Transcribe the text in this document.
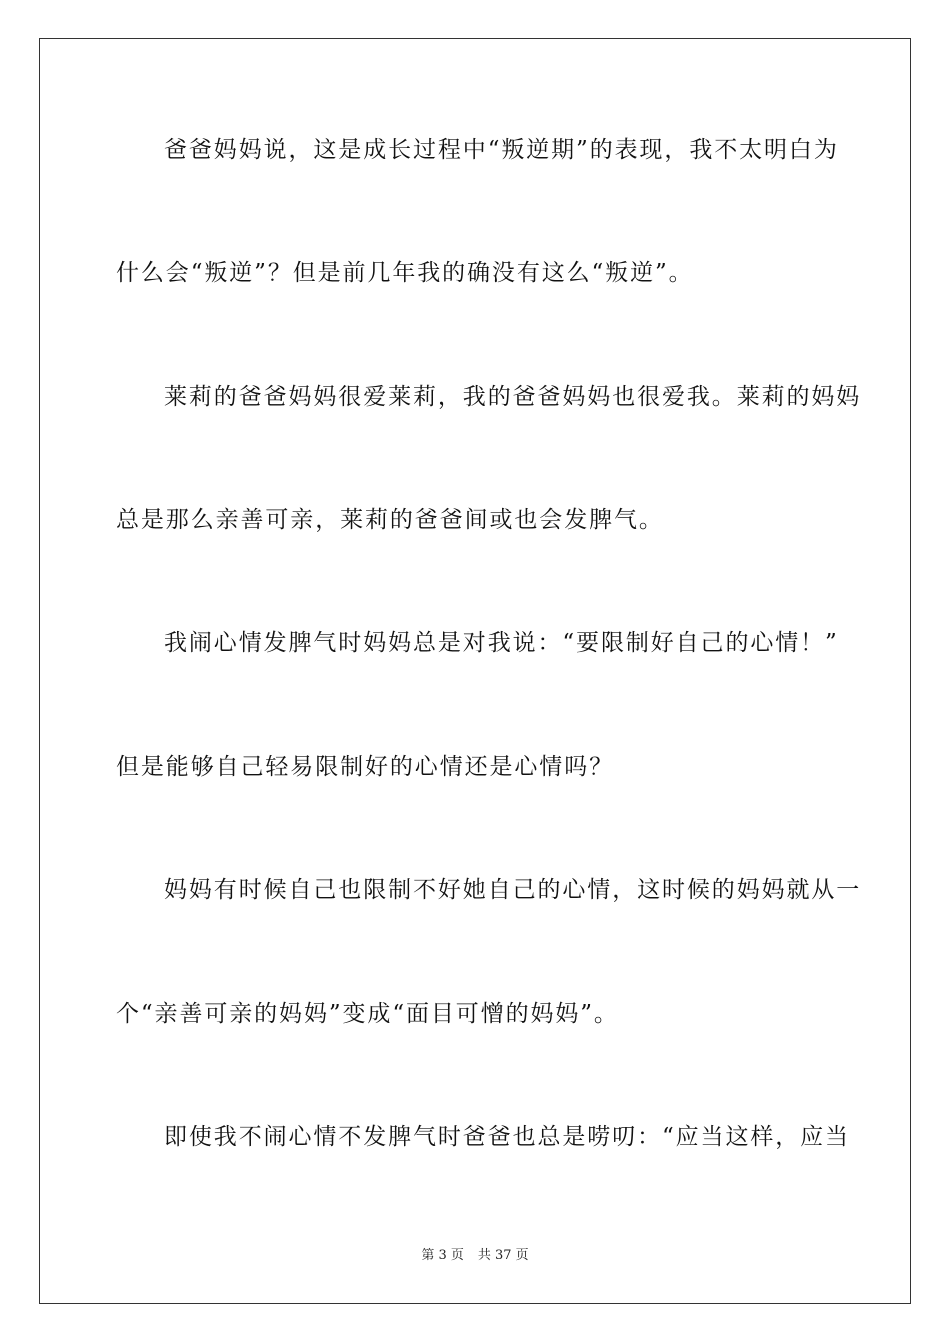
爸爸妈妈说，这是成长过程中“叛逆期”的表现，我不太明白为
什么会“叛逆”？但是前几年我的确没有这么“叛逆”。
莱莉的爸爸妈妈很爱莱莉，我的爸爸妈妈也很爱我。莱莉的妈妈
总是那么亲善可亲，莱莉的爸爸间或也会发脾气。
我闹心情发脾气时妈妈总是对我说：“要限制好自己的心情！”
但是能够自己轻易限制好的心情还是心情吗？
妈妈有时候自己也限制不好她自己的心情，这时候的妈妈就从一
个“亲善可亲的妈妈”变成“面目可憎的妈妈”。
即使我不闹心情不发脾气时爸爸也总是唠叨：“应当这样，应当
第 3 页 共 37 页
